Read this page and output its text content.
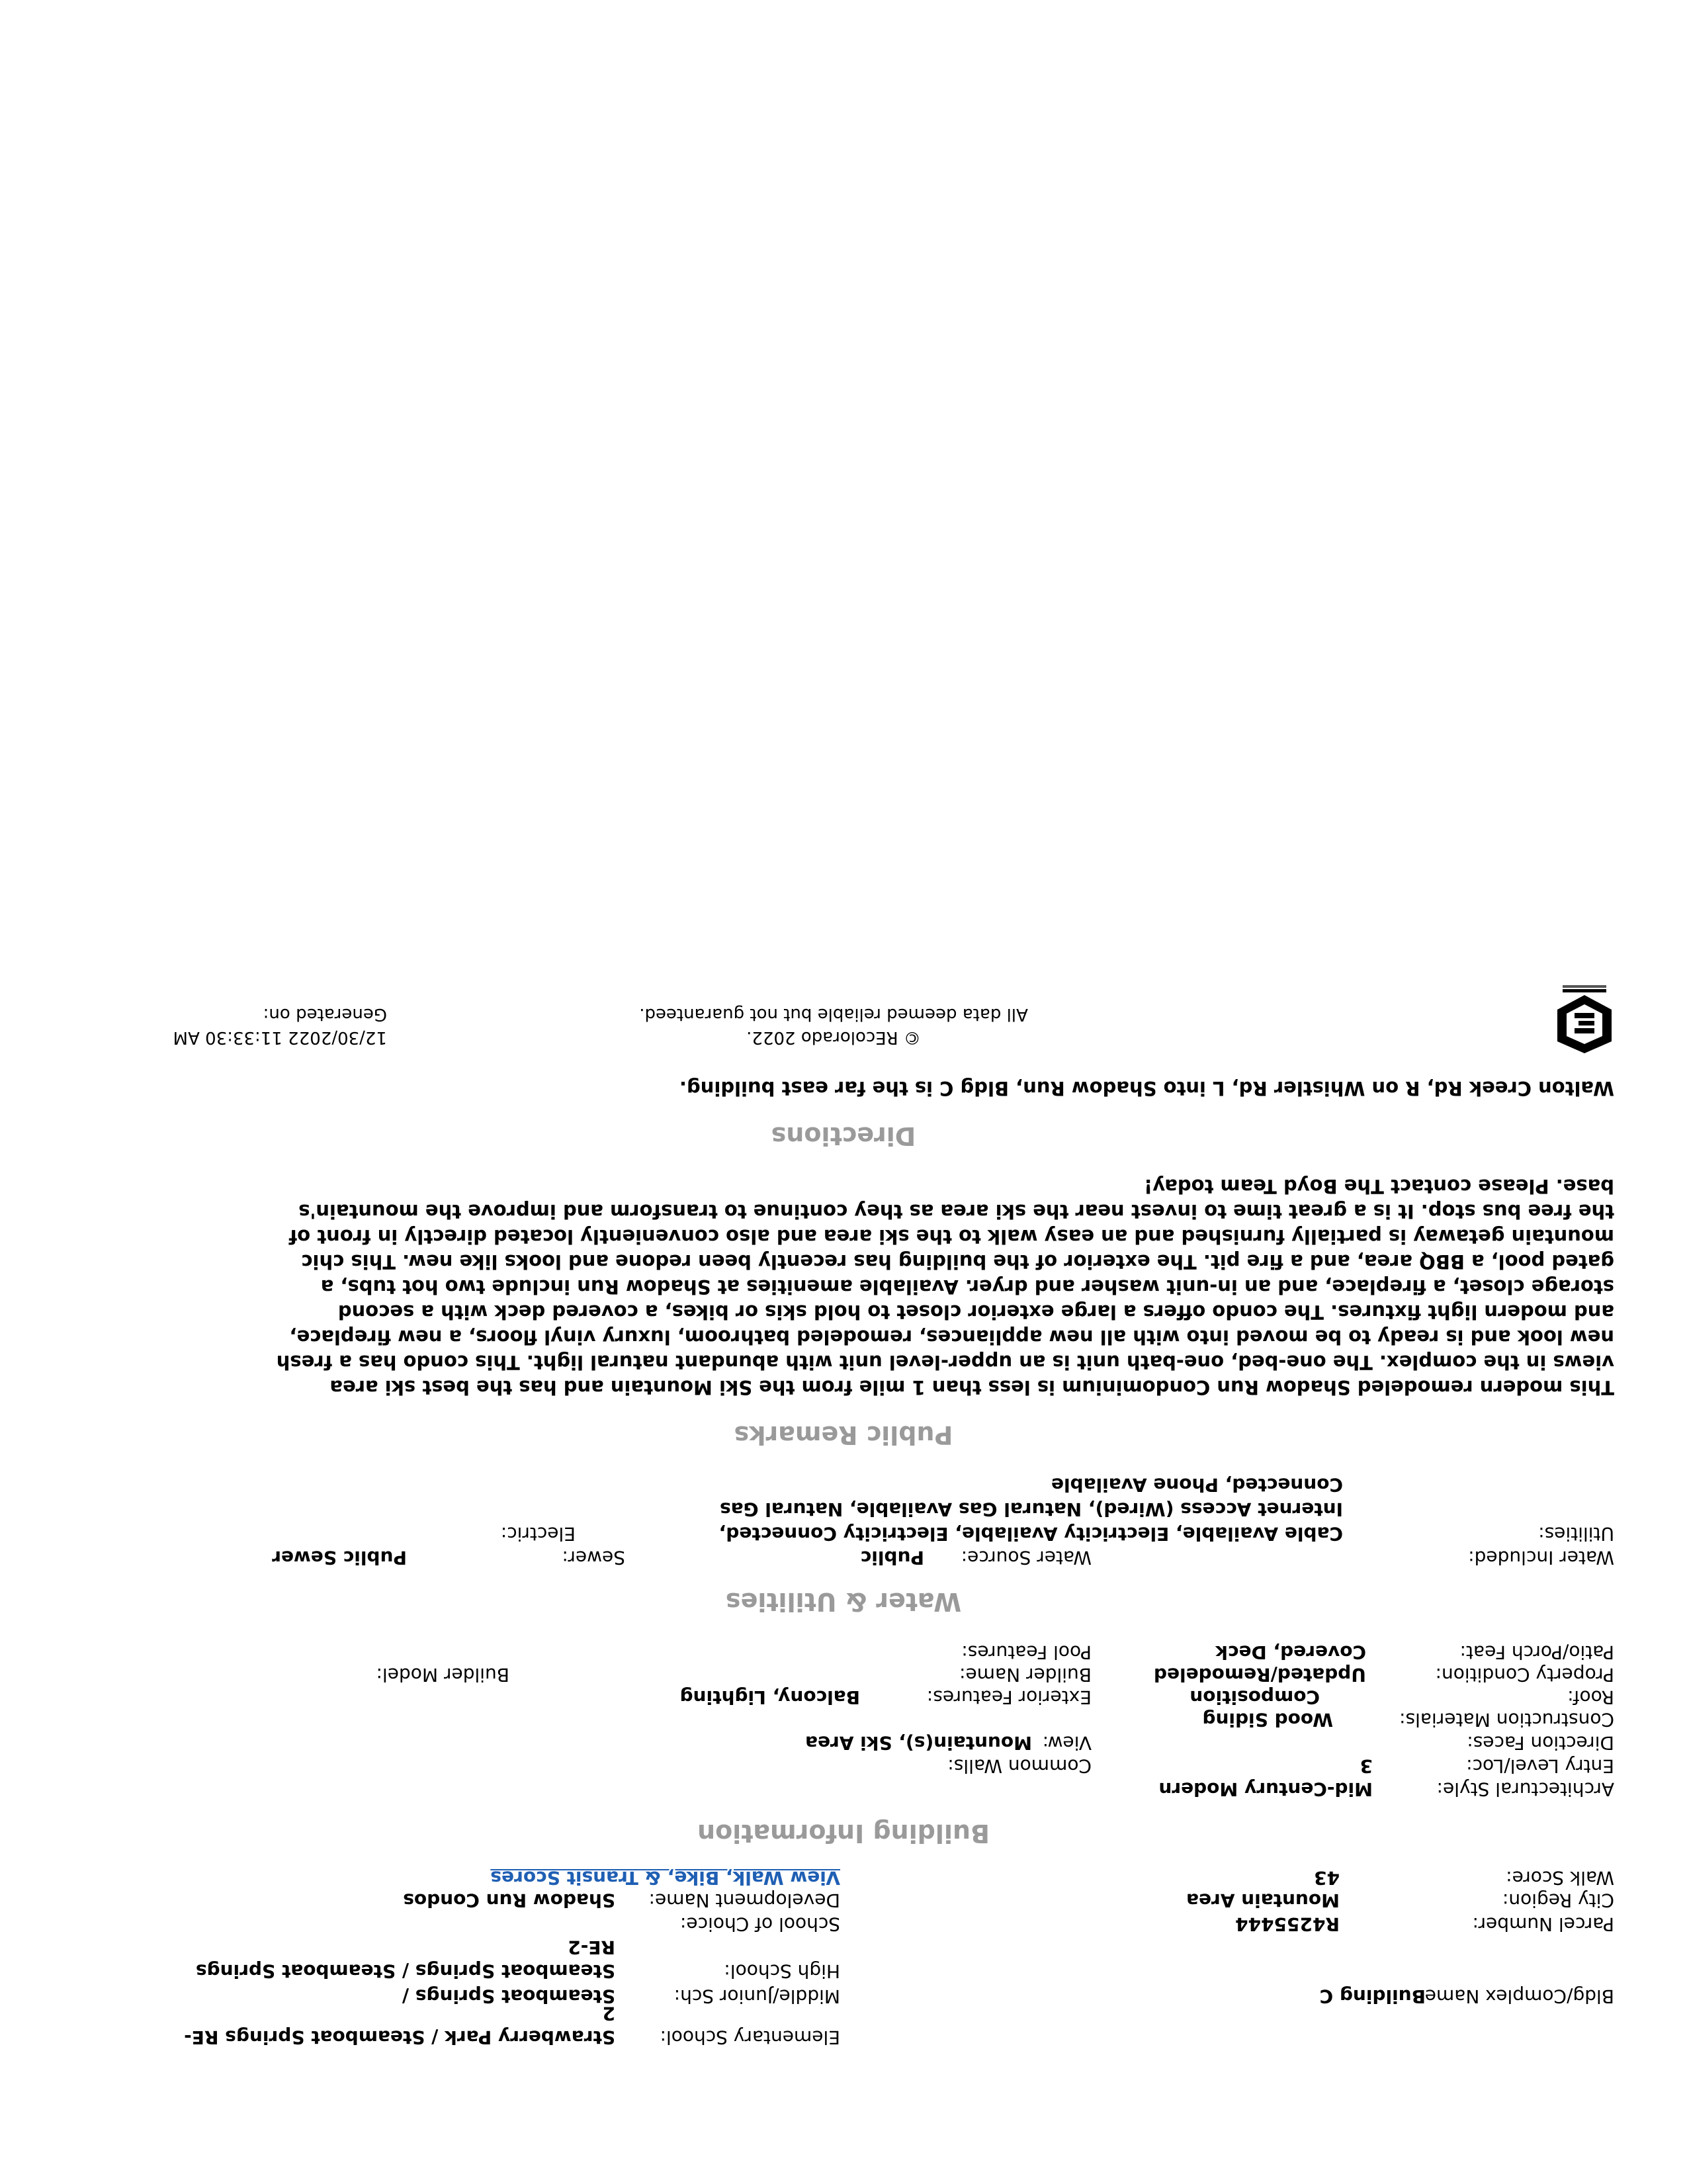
Elementary School:
Strawberry Park / Steamboat Springs RE-
2
Bldg/Complex Name:
Building C
Middle/Junior Sch:
Steamboat Springs /
High School:
Steamboat Springs / Steamboat Springs
RE-2
Parcel Number:
R4255444
School of Choice:
City Region:
Mountain Area
Development Name:
Shadow Run Condos
Walk Score:
43
View Walk, Bike, & Transit Scores
Building Information
Architectural Style:
Mid-Century Modern
Entry Level/Loc:
3
Common Walls:
Direction Faces:
View:
Mountain(s), Ski Area
Construction Materials:
Wood Siding
Roof:
Composition
Exterior Features:
Balcony, Lighting
Property Condition:
Updated/Remodeled
Builder Name:
Builder Model:
Patio/Porch Feat:
Covered, Deck
Pool Features:
Water & Utilities
Water Included:
Water Source:
Public
Sewer:
Public Sewer
Utilities:
Cable Available, Electricity Available, Electricity Connected,
Electric:
Internet Access (Wired), Natural Gas Available, Natural Gas
Connected, Phone Available
Public Remarks
This modern remodeled Shadow Run Condominium is less than 1 mile from the Ski Mountain and has the best ski area
views in the complex. The one-bed, one-bath unit is an upper-level unit with abundant natural light. This condo has a fresh
new look and is ready to be moved into with all new appliances, remodeled bathroom, luxury vinyl floors, a new fireplace,
and modern light fixtures. The condo offers a large exterior closet to hold skis or bikes, a covered deck with a second
storage closet, a fireplace, and an in-unit washer and dryer. Available amenities at Shadow Run include two hot tubs, a
gated pool, a BBQ area, and a fire pit. The exterior of the building has recently been redone and looks like new. This chic
mountain getaway is partially furnished and an easy walk to the ski area and also conveniently located directly in front of
the free bus stop. It is a great time to invest near the ski area as they continue to transform and improve the mountain's
base. Please contact The Boyd Team today!
Directions
Walton Creek Rd, R on Whistler Rd, L into Shadow Run, Bldg C is the far east building.
© REcolorado 2022.
All data deemed reliable but not guaranteed.
12/30/2022 11:33:30 AM
Generated on:
